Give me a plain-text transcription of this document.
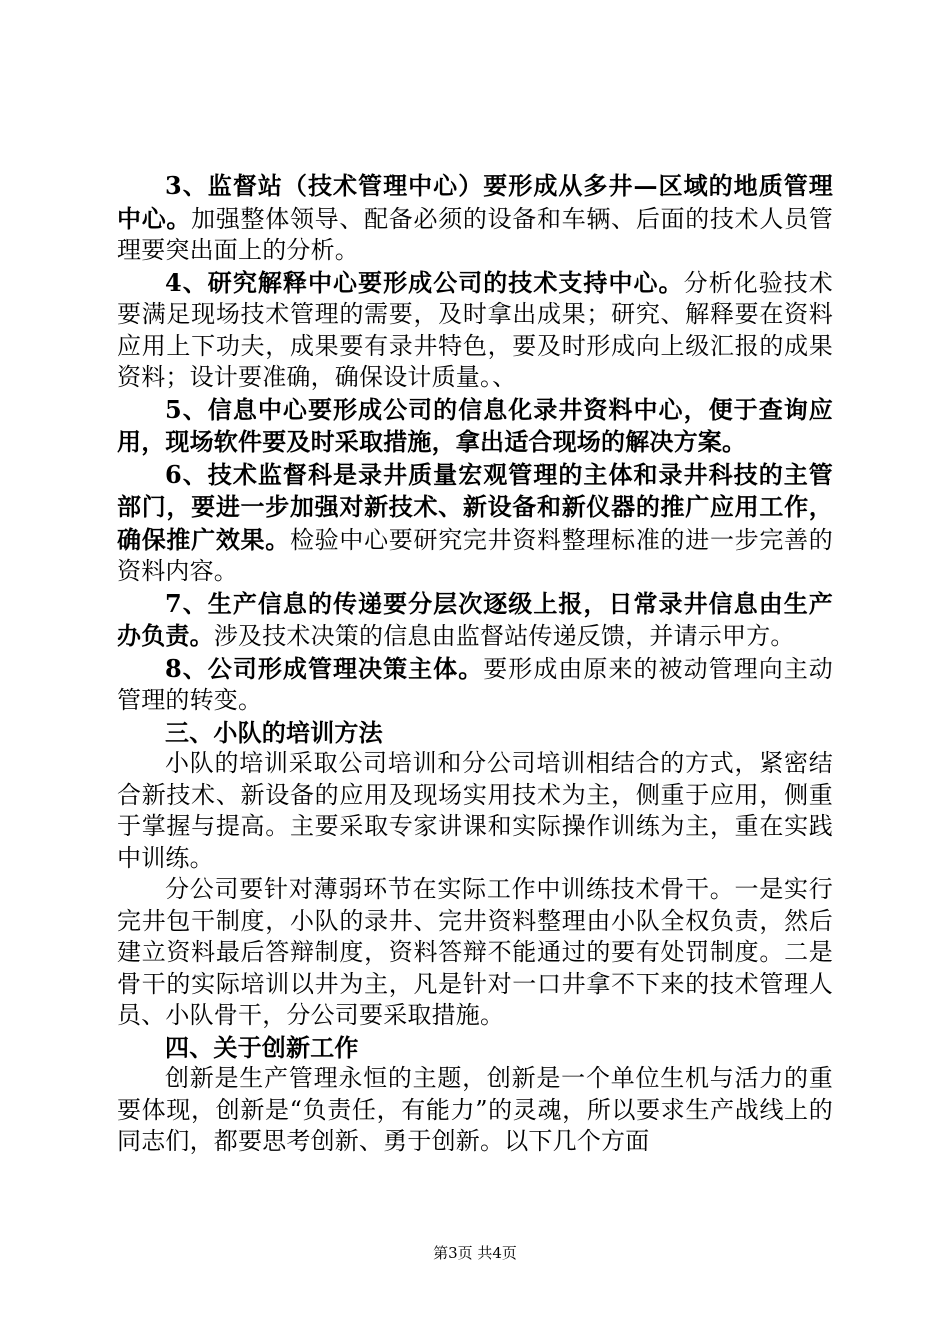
3、监督站（技术管理中心）要形成从多井—区域的地质管理中心。加强整体领导、配备必须的设备和车辆、后面的技术人员管理要突出面上的分析。

4、研究解释中心要形成公司的技术支持中心。分析化验技术要满足现场技术管理的需要，及时拿出成果；研究、解释要在资料应用上下功夫，成果要有录井特色，要及时形成向上级汇报的成果资料；设计要准确，确保设计质量。、

5、信息中心要形成公司的信息化录井资料中心，便于查询应用，现场软件要及时采取措施，拿出适合现场的解决方案。

6、技术监督科是录井质量宏观管理的主体和录井科技的主管部门，要进一步加强对新技术、新设备和新仪器的推广应用工作，确保推广效果。检验中心要研究完井资料整理标准的进一步完善的资料内容。

7、生产信息的传递要分层次逐级上报，日常录井信息由生产办负责。涉及技术决策的信息由监督站传递反馈，并请示甲方。

8、公司形成管理决策主体。要形成由原来的被动管理向主动管理的转变。

三、小队的培训方法

小队的培训采取公司培训和分公司培训相结合的方式，紧密结合新技术、新设备的应用及现场实用技术为主，侧重于应用，侧重于掌握与提高。主要采取专家讲课和实际操作训练为主，重在实践中训练。

分公司要针对薄弱环节在实际工作中训练技术骨干。一是实行完井包干制度，小队的录井、完井资料整理由小队全权负责，然后建立资料最后答辩制度，资料答辩不能通过的要有处罚制度。二是骨干的实际培训以井为主，凡是针对一口井拿不下来的技术管理人员、小队骨干，分公司要采取措施。

四、关于创新工作

创新是生产管理永恒的主题，创新是一个单位生机与活力的重要体现，创新是“负责任，有能力”的灵魂，所以要求生产战线上的同志们，都要思考创新、勇于创新。以下几个方面

第3页 共4页
